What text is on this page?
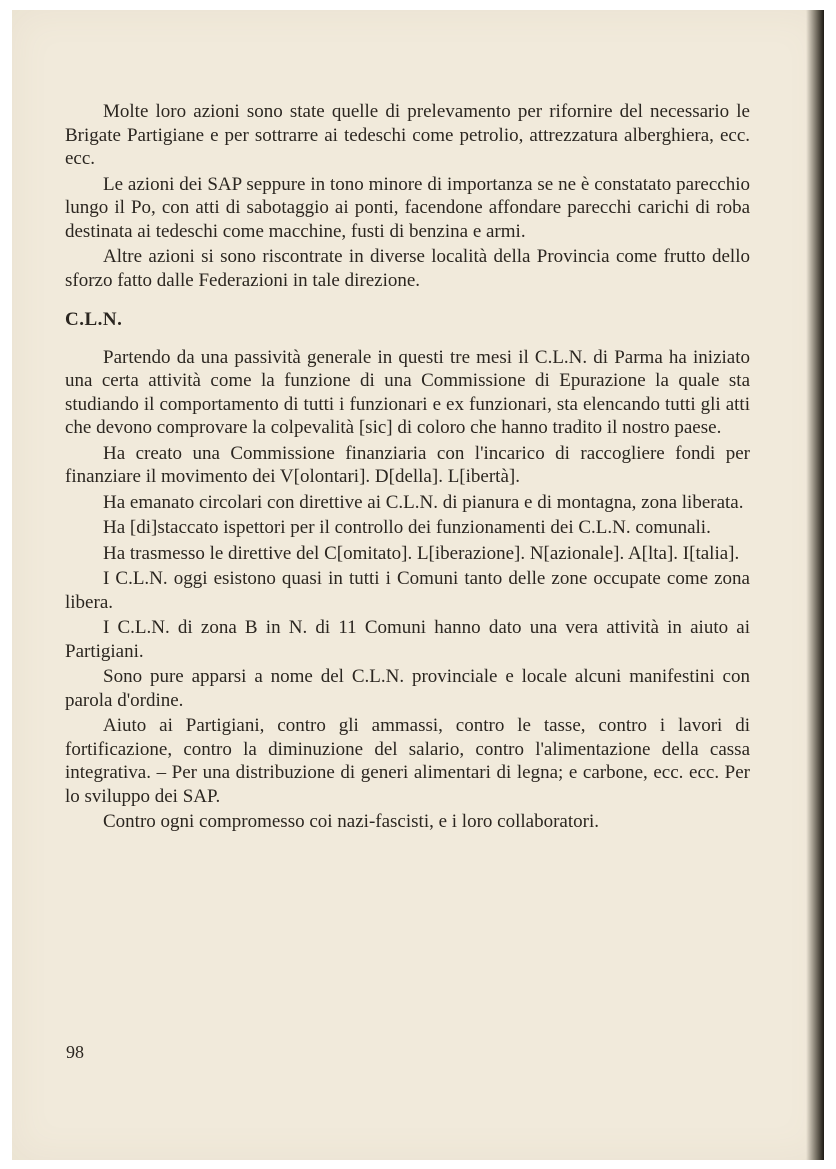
Molte loro azioni sono state quelle di prelevamento per rifornire del necessario le Brigate Partigiane e per sottrarre ai tedeschi come petrolio, attrezzatura alberghiera, ecc. ecc.

Le azioni dei SAP seppure in tono minore di importanza se ne è constatato parecchio lungo il Po, con atti di sabotaggio ai ponti, facendone affondare parecchi carichi di roba destinata ai tedeschi come macchine, fusti di benzina e armi.

Altre azioni si sono riscontrate in diverse località della Provincia come frutto dello sforzo fatto dalle Federazioni in tale direzione.

C.L.N.

Partendo da una passività generale in questi tre mesi il C.L.N. di Parma ha iniziato una certa attività come la funzione di una Commissione di Epurazione la quale sta studiando il comportamento di tutti i funzionari e ex funzionari, sta elencando tutti gli atti che devono comprovare la colpevalità [sic] di coloro che hanno tradito il nostro paese.

Ha creato una Commissione finanziaria con l'incarico di raccogliere fondi per finanziare il movimento dei V[olontari]. D[della]. L[ibertà].

Ha emanato circolari con direttive ai C.L.N. di pianura e di montagna, zona liberata.

Ha [di]staccato ispettori per il controllo dei funzionamenti dei C.L.N. comunali.

Ha trasmesso le direttive del C[omitato]. L[iberazione]. N[azionale]. A[lta]. I[talia].

I C.L.N. oggi esistono quasi in tutti i Comuni tanto delle zone occupate come zona libera.

I C.L.N. di zona B in N. di 11 Comuni hanno dato una vera attività in aiuto ai Partigiani.

Sono pure apparsi a nome del C.L.N. provinciale e locale alcuni manifestini con parola d'ordine.

Aiuto ai Partigiani, contro gli ammassi, contro le tasse, contro i lavori di fortificazione, contro la diminuzione del salario, contro l'alimentazione della cassa integrativa. – Per una distribuzione di generi alimentari di legna; e carbone, ecc. ecc. Per lo sviluppo dei SAP.

Contro ogni compromesso coi nazi-fascisti, e i loro collaboratori.

98
